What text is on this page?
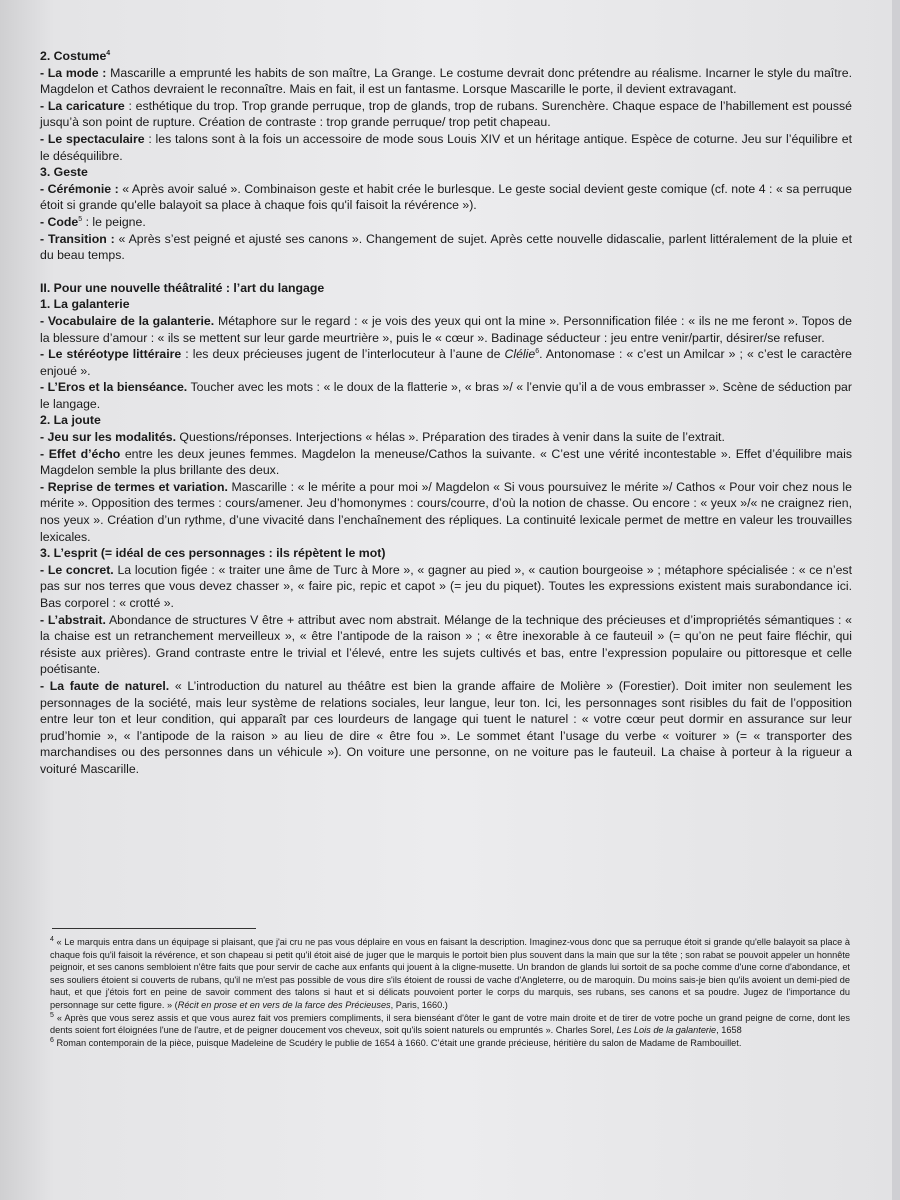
2. Costume$^4$

- La mode : Mascarille a emprunté les habits de son maître, La Grange. Le costume devrait donc prétendre au réalisme. Incarner le style du maître. Magdelon et Cathos devraient le reconnaître. Mais en fait, il est un fantasme. Lorsque Mascarille le porte, il devient extravagant.

- La caricature : esthétique du trop. Trop grande perruque, trop de glands, trop de rubans. Surenchère. Chaque espace de l’habillement est poussé jusqu’à son point de rupture. Création de contraste : trop grande perruque/ trop petit chapeau.

- Le spectaculaire : les talons sont à la fois un accessoire de mode sous Louis XIV et un héritage antique. Espèce de coturne. Jeu sur l’équilibre et le déséquilibre.

3. Geste

- Cérémonie : « Après avoir salué ». Combinaison geste et habit crée le burlesque. Le geste social devient geste comique (cf. note 4 : « sa perruque étoit si grande qu'elle balayoit sa place à chaque fois qu'il faisoit la révérence »).

- Code$^5$ : le peigne.

- Transition : « Après s’est peigné et ajusté ses canons ». Changement de sujet. Après cette nouvelle didascalie, parlent littéralement de la pluie et du beau temps.

II. Pour une nouvelle théâtralité : l’art du langage

1. La galanterie

- Vocabulaire de la galanterie. Métaphore sur le regard : « je vois des yeux qui ont la mine ». Personnification filée : « ils ne me feront ». Topos de la blessure d’amour : « ils se mettent sur leur garde meurtrière », puis le « cœur ». Badinage séducteur : jeu entre venir/partir, désirer/se refuser.

- Le stéréotype littéraire : les deux précieuses jugent de l’interlocuteur à l’aune de Clélie$^6$. Antonomase : « c’est un Amilcar » ; « c’est le caractère enjoué ».

- L’Eros et la bienséance. Toucher avec les mots : « le doux de la flatterie », « bras »/ « l’envie qu’il a de vous embrasser ». Scène de séduction par le langage.

2. La joute

- Jeu sur les modalités. Questions/réponses. Interjections « hélas ». Préparation des tirades à venir dans la suite de l’extrait.

- Effet d’écho entre les deux jeunes femmes. Magdelon la meneuse/Cathos la suivante. « C’est une vérité incontestable ». Effet d’équilibre mais Magdelon semble la plus brillante des deux.

- Reprise de termes et variation. Mascarille : « le mérite a pour moi »/ Magdelon « Si vous poursuivez le mérite »/ Cathos « Pour voir chez nous le mérite ». Opposition des termes : cours/amener. Jeu d’homonymes : cours/courre, d’où la notion de chasse. Ou encore : « yeux »/« ne craignez rien, nos yeux ». Création d’un rythme, d’une vivacité dans l’enchaînement des répliques. La continuité lexicale permet de mettre en valeur les trouvailles lexicales.

3. L’esprit (= idéal de ces personnages : ils répètent le mot)

- Le concret. La locution figée : « traiter une âme de Turc à More », « gagner au pied », « caution bourgeoise » ; métaphore spécialisée : « ce n’est pas sur nos terres que vous devez chasser », « faire pic, repic et capot » (= jeu du piquet). Toutes les expressions existent mais surabondance ici. Bas corporel : « crotté ».

- L’abstrait. Abondance de structures V être + attribut avec nom abstrait. Mélange de la technique des précieuses et d’impropriétés sémantiques : « la chaise est un retranchement merveilleux », « être l’antipode de la raison » ; « être inexorable à ce fauteuil » (= qu’on ne peut faire fléchir, qui résiste aux prières). Grand contraste entre le trivial et l’élevé, entre les sujets cultivés et bas, entre l’expression populaire ou pittoresque et celle poétisante.

- La faute de naturel. « L’introduction du naturel au théâtre est bien la grande affaire de Molière » (Forestier). Doit imiter non seulement les personnages de la société, mais leur système de relations sociales, leur langue, leur ton. Ici, les personnages sont risibles du fait de l’opposition entre leur ton et leur condition, qui apparaît par ces lourdeurs de langage qui tuent le naturel : « votre cœur peut dormir en assurance sur leur prud’homie », « l’antipode de la raison » au lieu de dire « être fou ». Le sommet étant l’usage du verbe « voiturer » (= « transporter des marchandises ou des personnes dans un véhicule »). On voiture une personne, on ne voiture pas le fauteuil. La chaise à porteur à la rigueur a voituré Mascarille.

$^4$ « Le marquis entra dans un équipage si plaisant, que j'ai cru ne pas vous déplaire en vous en faisant la description. Imaginez-vous donc que sa perruque étoit si grande qu'elle balayoit sa place à chaque fois qu'il faisoit la révérence, et son chapeau si petit qu'il étoit aisé de juger que le marquis le portoit bien plus souvent dans la main que sur la tête ; son rabat se pouvoit appeler un honnête peignoir, et ses canons sembloient n'être faits que pour servir de cache aux enfants qui jouent à la cligne-musette. Un brandon de glands lui sortoit de sa poche comme d'une corne d'abondance, et ses souliers étoient si couverts de rubans, qu'il ne m'est pas possible de vous dire s'ils étoient de roussi de vache d'Angleterre, ou de maroquin. Du moins sais-je bien qu'ils avoient un demi-pied de haut, et que j'étois fort en peine de savoir comment des talons si haut et si délicats pouvoient porter le corps du marquis, ses rubans, ses canons et sa poudre. Jugez de l'importance du personnage sur cette figure. » (Récit en prose et en vers de la farce des Précieuses, Paris, 1660.)

$^5$ « Après que vous serez assis et que vous aurez fait vos premiers compliments, il sera bienséant d'ôter le gant de votre main droite et de tirer de votre poche un grand peigne de corne, dont les dents soient fort éloignées l'une de l'autre, et de peigner doucement vos cheveux, soit qu'ils soient naturels ou empruntés ». Charles Sorel, Les Lois de la galanterie, 1658

$^6$ Roman contemporain de la pièce, puisque Madeleine de Scudéry le publie de 1654 à 1660. C’était une grande précieuse, héritière du salon de Madame de Rambouillet.
